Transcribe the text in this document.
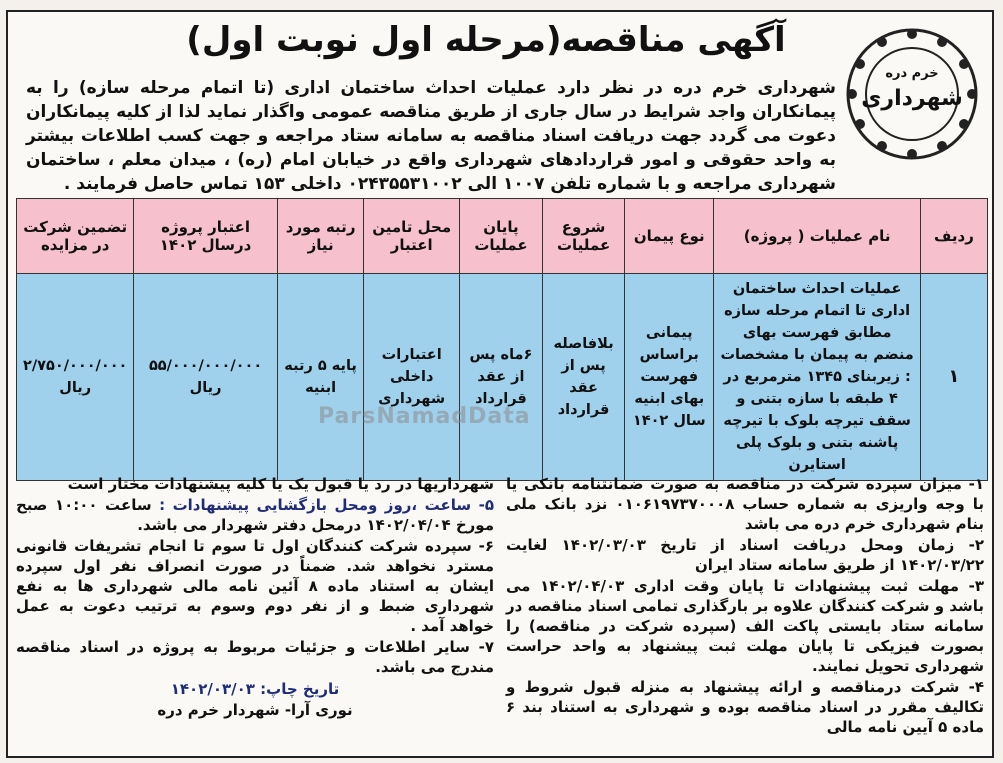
آگهی مناقصه(مرحله اول نوبت اول)
خرم دره
شهرداری
شهرداری خرم دره در نظر دارد عملیات احداث ساختمان اداری (تا اتمام مرحله سازه) را به پیمانکاران واجد شرایط در سال جاری از طریق مناقصه عمومی واگذار نماید لذا از کلیه پیمانکاران دعوت می گردد جهت دریافت اسناد مناقصه به سامانه ستاد مراجعه و جهت کسب اطلاعات بیشتر به واحد حقوقی و امور قراردادهای شهرداری واقع در خیابان امام (ره) ، میدان معلم ، ساختمان شهرداری مراجعه و با شماره تلفن ۱۰۰۷ الی ۰۲۴۳۵۵۳۱۰۰۲ داخلی ۱۵۳ تماس حاصل فرمایند .
ردیف	نام عملیات ( پروژه)	نوع پیمان	شروع عملیات	پایان عملیات	محل تامین اعتبار	رتبه مورد نیاز	اعتبار پروژه درسال ۱۴۰۲	تضمین شرکت در مزایده
۱	عملیات احداث ساختمان اداری تا اتمام مرحله سازه مطابق فهرست بهای منضم به پیمان با مشخصات : زیربنای ۱۳۴۵ مترمربع در ۴ طبقه با سازه بتنی و سقف تیرچه بلوک با تیرچه پاشنه بتنی و بلوک پلی استایرن	پیمانی براساس فهرست بهای ابنیه سال ۱۴۰۲	بلافاصله پس از عقد قرارداد	۶ماه پس از عقد قرارداد	اعتبارات داخلی شهرداری	پایه ۵ رتبه ابنیه	۵۵/۰۰۰/۰۰۰/۰۰۰ ریال	۲/۷۵۰/۰۰۰/۰۰۰ ریال
ParsNamadData

۱- میزان سپرده شرکت در مناقصه به صورت ضمانتنامه بانکی یا با وجه واریزی به شماره حساب ۰۱۰۶۱۹۷۳۷۰۰۰۸ نزد بانک ملی بنام شهرداری خرم دره می باشد

۲- زمان ومحل دریافت اسناد از تاریخ ۱۴۰۲/۰۳/۰۳ لغایت ۱۴۰۲/۰۳/۲۲ از طریق سامانه ستاد ایران

۳- مهلت ثبت پیشنهادات تا پایان وقت اداری ۱۴۰۲/۰۴/۰۳ می باشد و شرکت کنندگان علاوه بر بارگذاری تمامی اسناد مناقصه در سامانه ستاد بایستی پاکت الف (سپرده شرکت در مناقصه) را بصورت فیزیکی تا پایان مهلت ثبت پیشنهاد به واحد حراست شهرداری تحویل نمایند.

۴- شرکت درمناقصه و ارائه پیشنهاد به منزله قبول شروط و تکالیف مقرر در اسناد مناقصه بوده و شهرداری به استناد بند ۶ ماده ۵ آیین نامه مالی

شهرداریها در رد یا قبول یک یا کلیه پیشنهادات مختار است

۵- ساعت ،روز ومحل بازگشایی پیشنهادات : ساعت ۱۰:۰۰ صبح مورخ ۱۴۰۲/۰۴/۰۴ درمحل دفتر شهردار می باشد.

۶- سپرده شرکت کنندگان اول تا سوم تا انجام تشریفات قانونی مسترد نخواهد شد. ضمناً در صورت انصراف نفر اول سپرده ایشان به استناد ماده ۸ آئین نامه مالی شهرداری ها به نفع شهرداری ضبط و از نفر دوم وسوم به ترتیب دعوت به عمل خواهد آمد .

۷- سایر اطلاعات و جزئیات مربوط به پروژه در اسناد مناقصه مندرج می باشد.

تاریخ چاپ: ۱۴۰۲/۰۳/۰۳

نوری آرا- شهردار خرم دره
